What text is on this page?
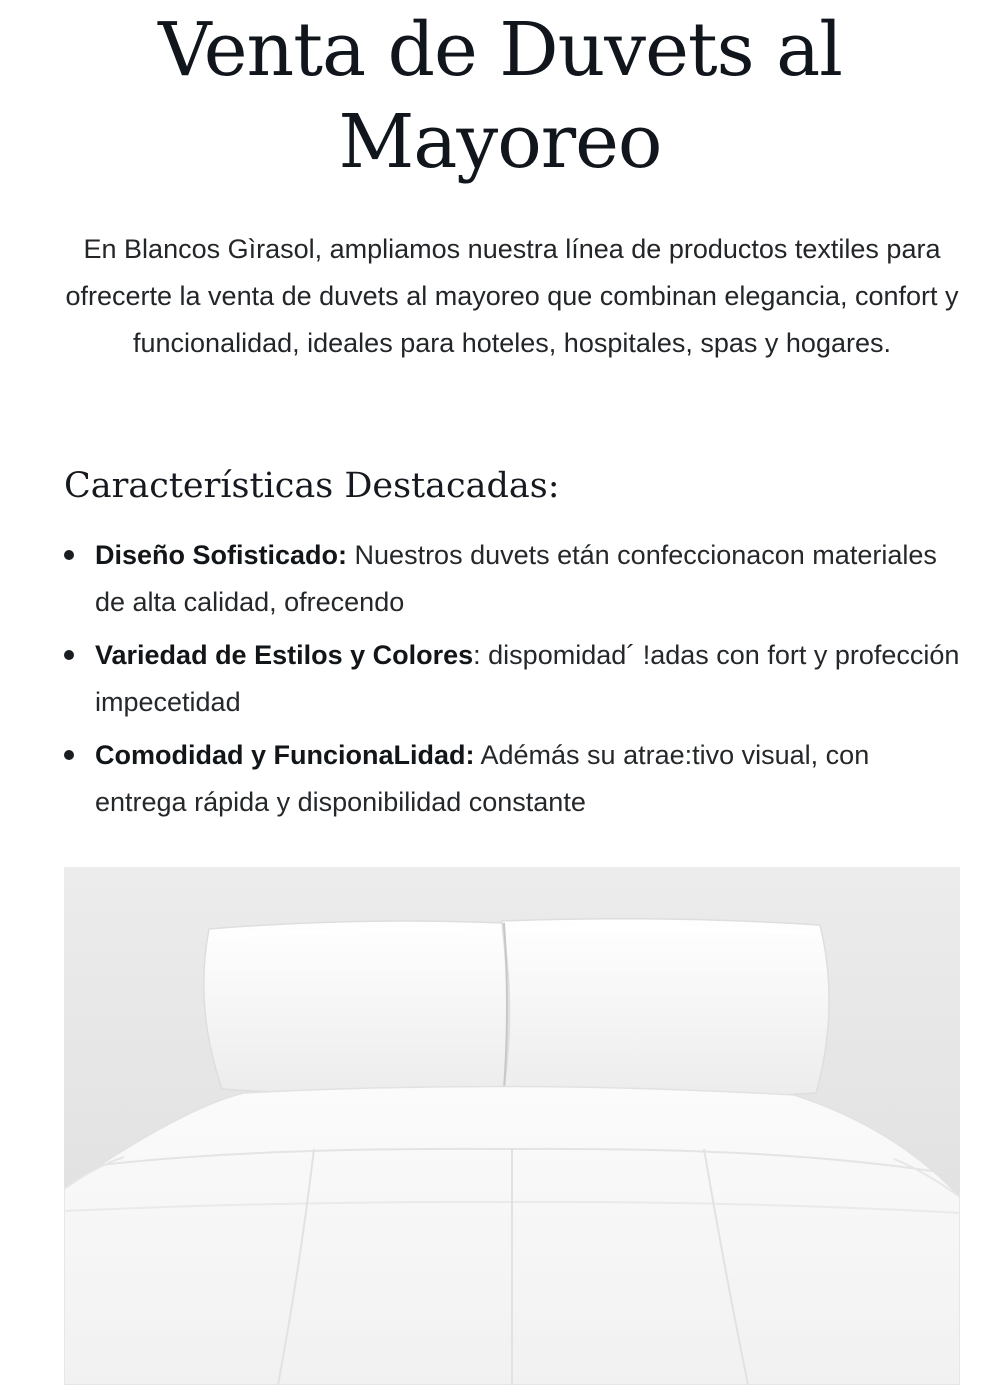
Venta de Duvets al Mayoreo

En Blancos Gìrasol, ampliamos nuestra línea de productos textiles para ofrecerte la venta de duvets al mayoreo que combinan elegancia, confort y funcionalidad, ideales para hoteles, hospitales, spas y hogares.

Características Destacadas:
Diseño Sofisticado: Nuestros duvets etán confeccionacon materiales de alta calidad, ofrecendo
Variedad de Estilos y Colores: dispomidad´ !adas con fort y profección impecetidad
Comodidad y FuncionaLidad: Adémás su atrae:tivo visual, con entrega rápida y disponibilidad constante
